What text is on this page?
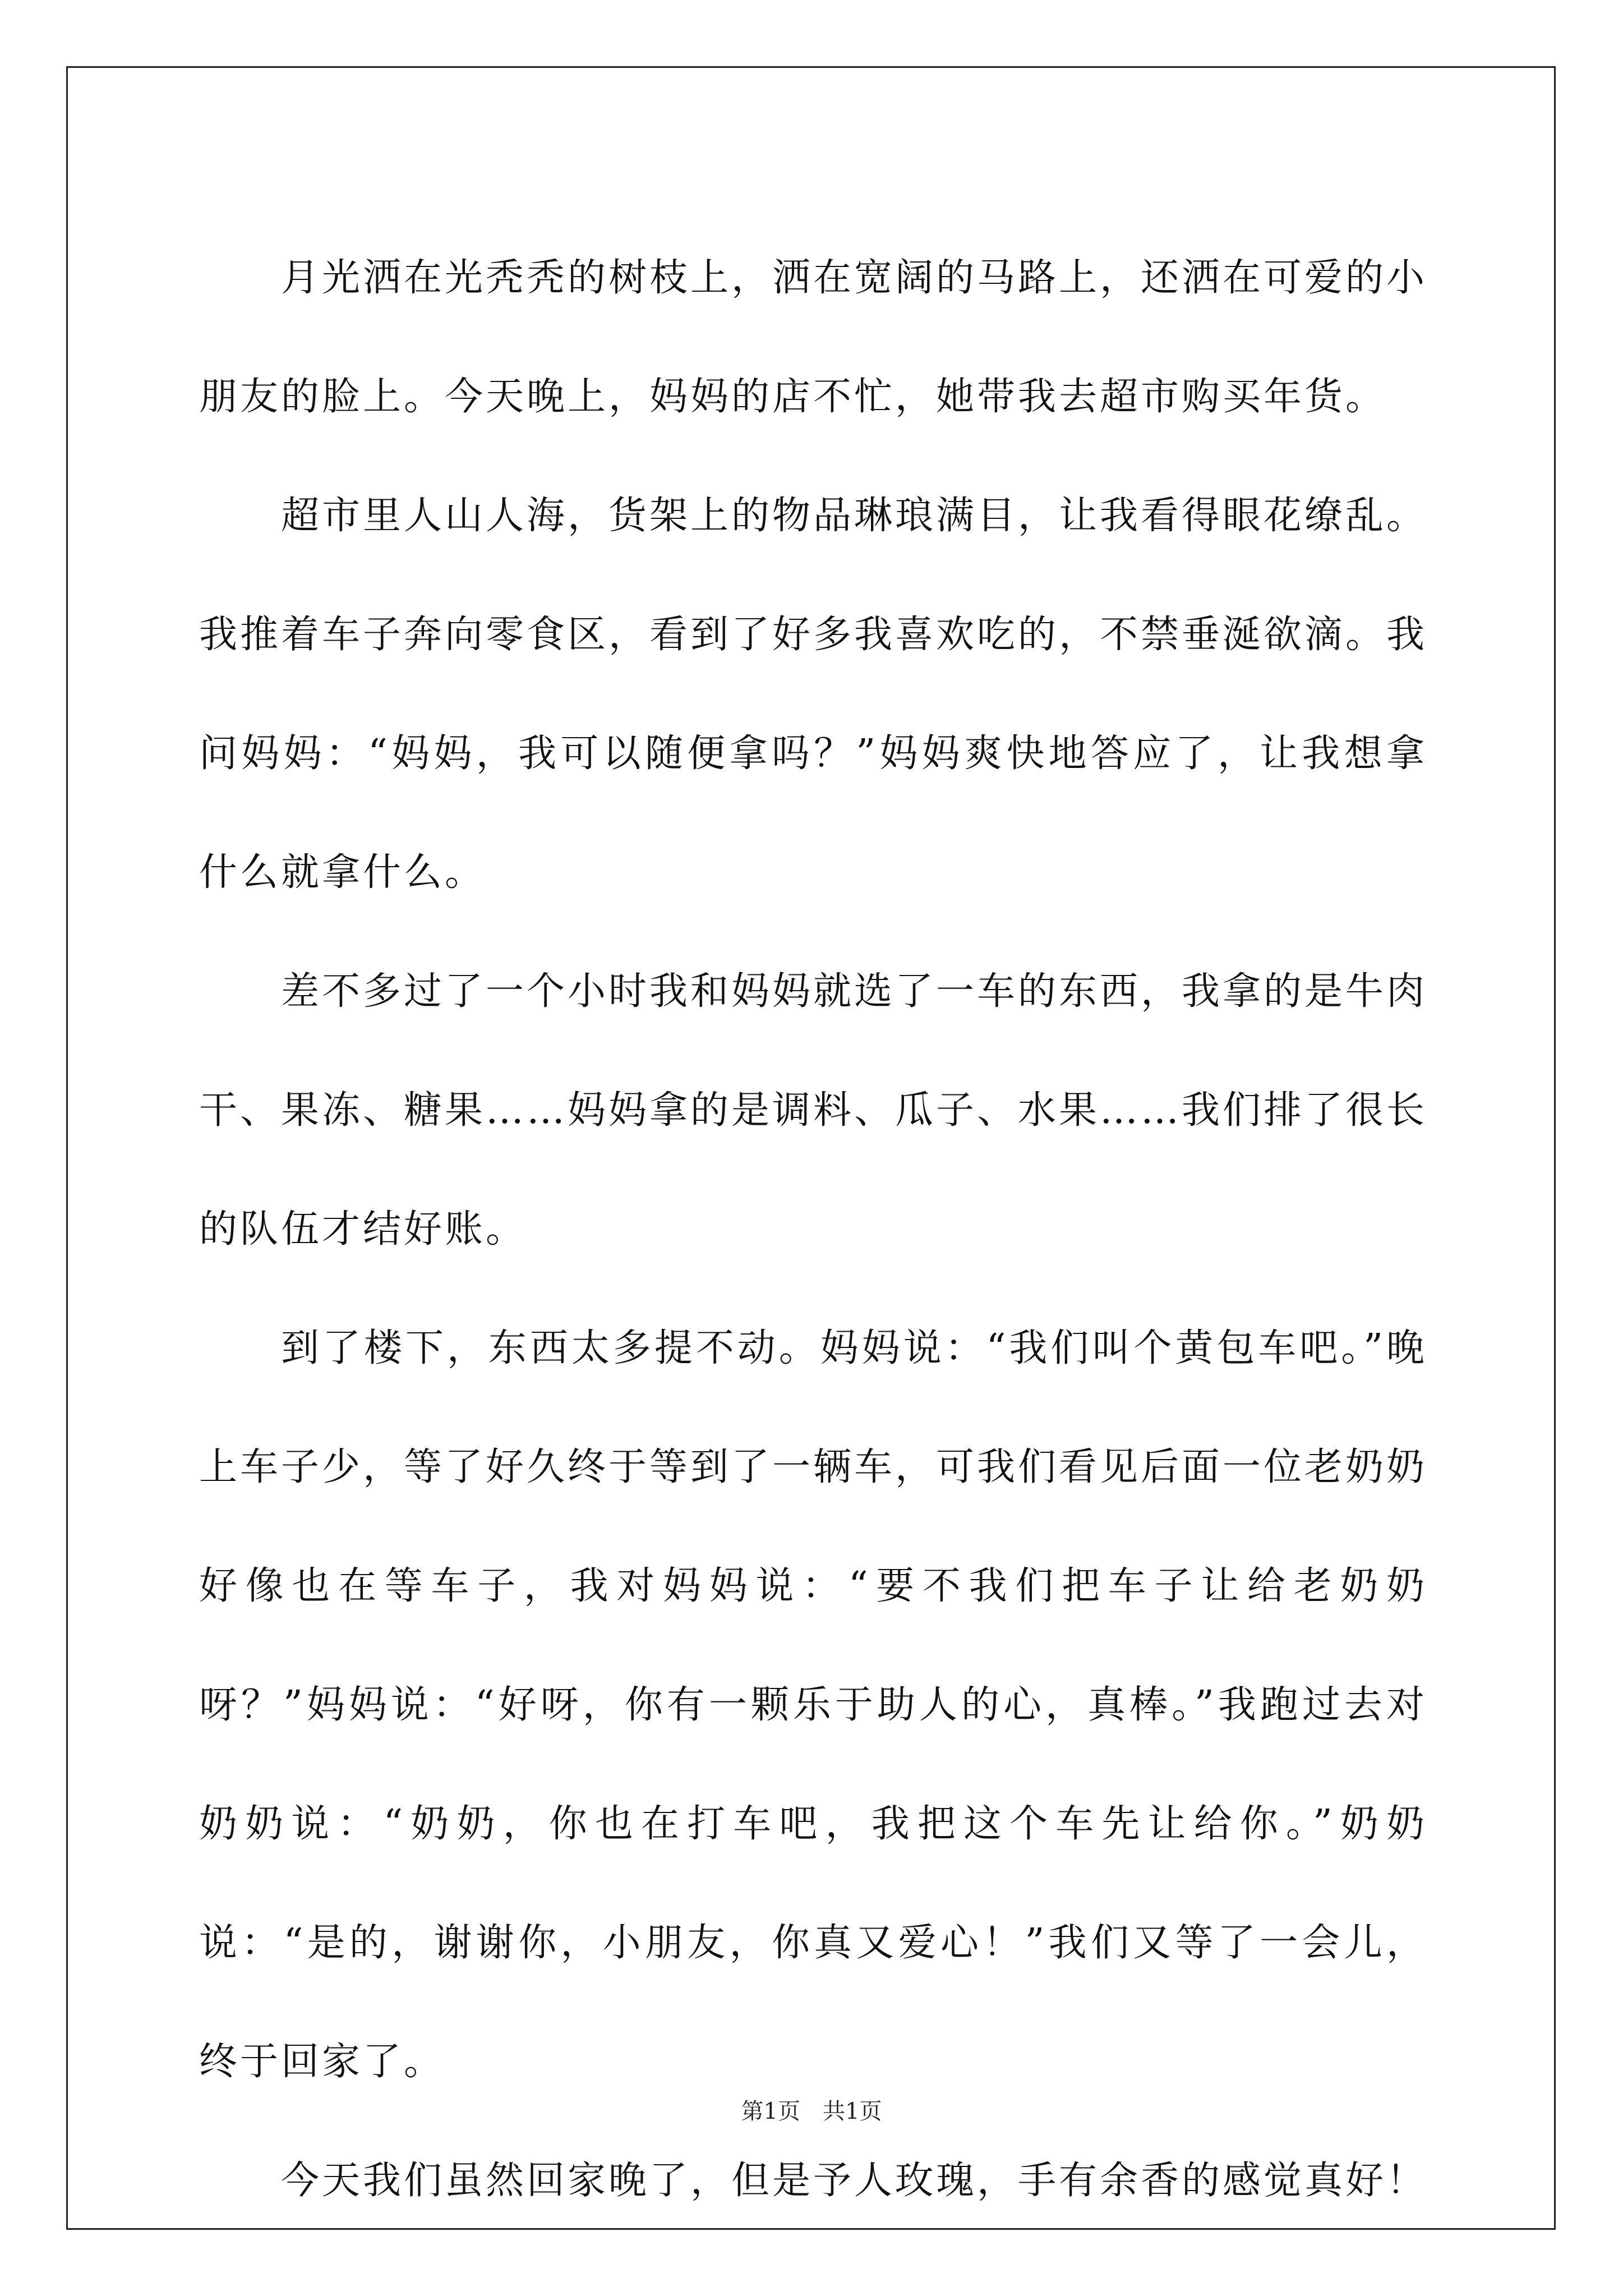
月光洒在光秃秃的树枝上，洒在宽阔的马路上，还洒在可爱的小朋友的脸上。今天晚上，妈妈的店不忙，她带我去超市购买年货。

超市里人山人海，货架上的物品琳琅满目，让我看得眼花缭乱。我推着车子奔向零食区，看到了好多我喜欢吃的，不禁垂涎欲滴。我问妈妈：“妈妈，我可以随便拿吗？”妈妈爽快地答应了，让我想拿什么就拿什么。

差不多过了一个小时我和妈妈就选了一车的东西，我拿的是牛肉干、果冻、糖果……妈妈拿的是调料、瓜子、水果……我们排了很长的队伍才结好账。

到了楼下，东西太多提不动。妈妈说：“我们叫个黄包车吧。”晚上车子少，等了好久终于等到了一辆车，可我们看见后面一位老奶奶好像也在等车子，我对妈妈说：“要不我们把车子让给老奶奶呀？”妈妈说：“好呀，你有一颗乐于助人的心，真棒。”我跑过去对奶奶说：“奶奶，你也在打车吧，我把这个车先让给你。”奶奶说：“是的，谢谢你，小朋友，你真又爱心！”我们又等了一会儿，终于回家了。

今天我们虽然回家晚了，但是予人玫瑰，手有余香的感觉真好！

第1页 共1页
